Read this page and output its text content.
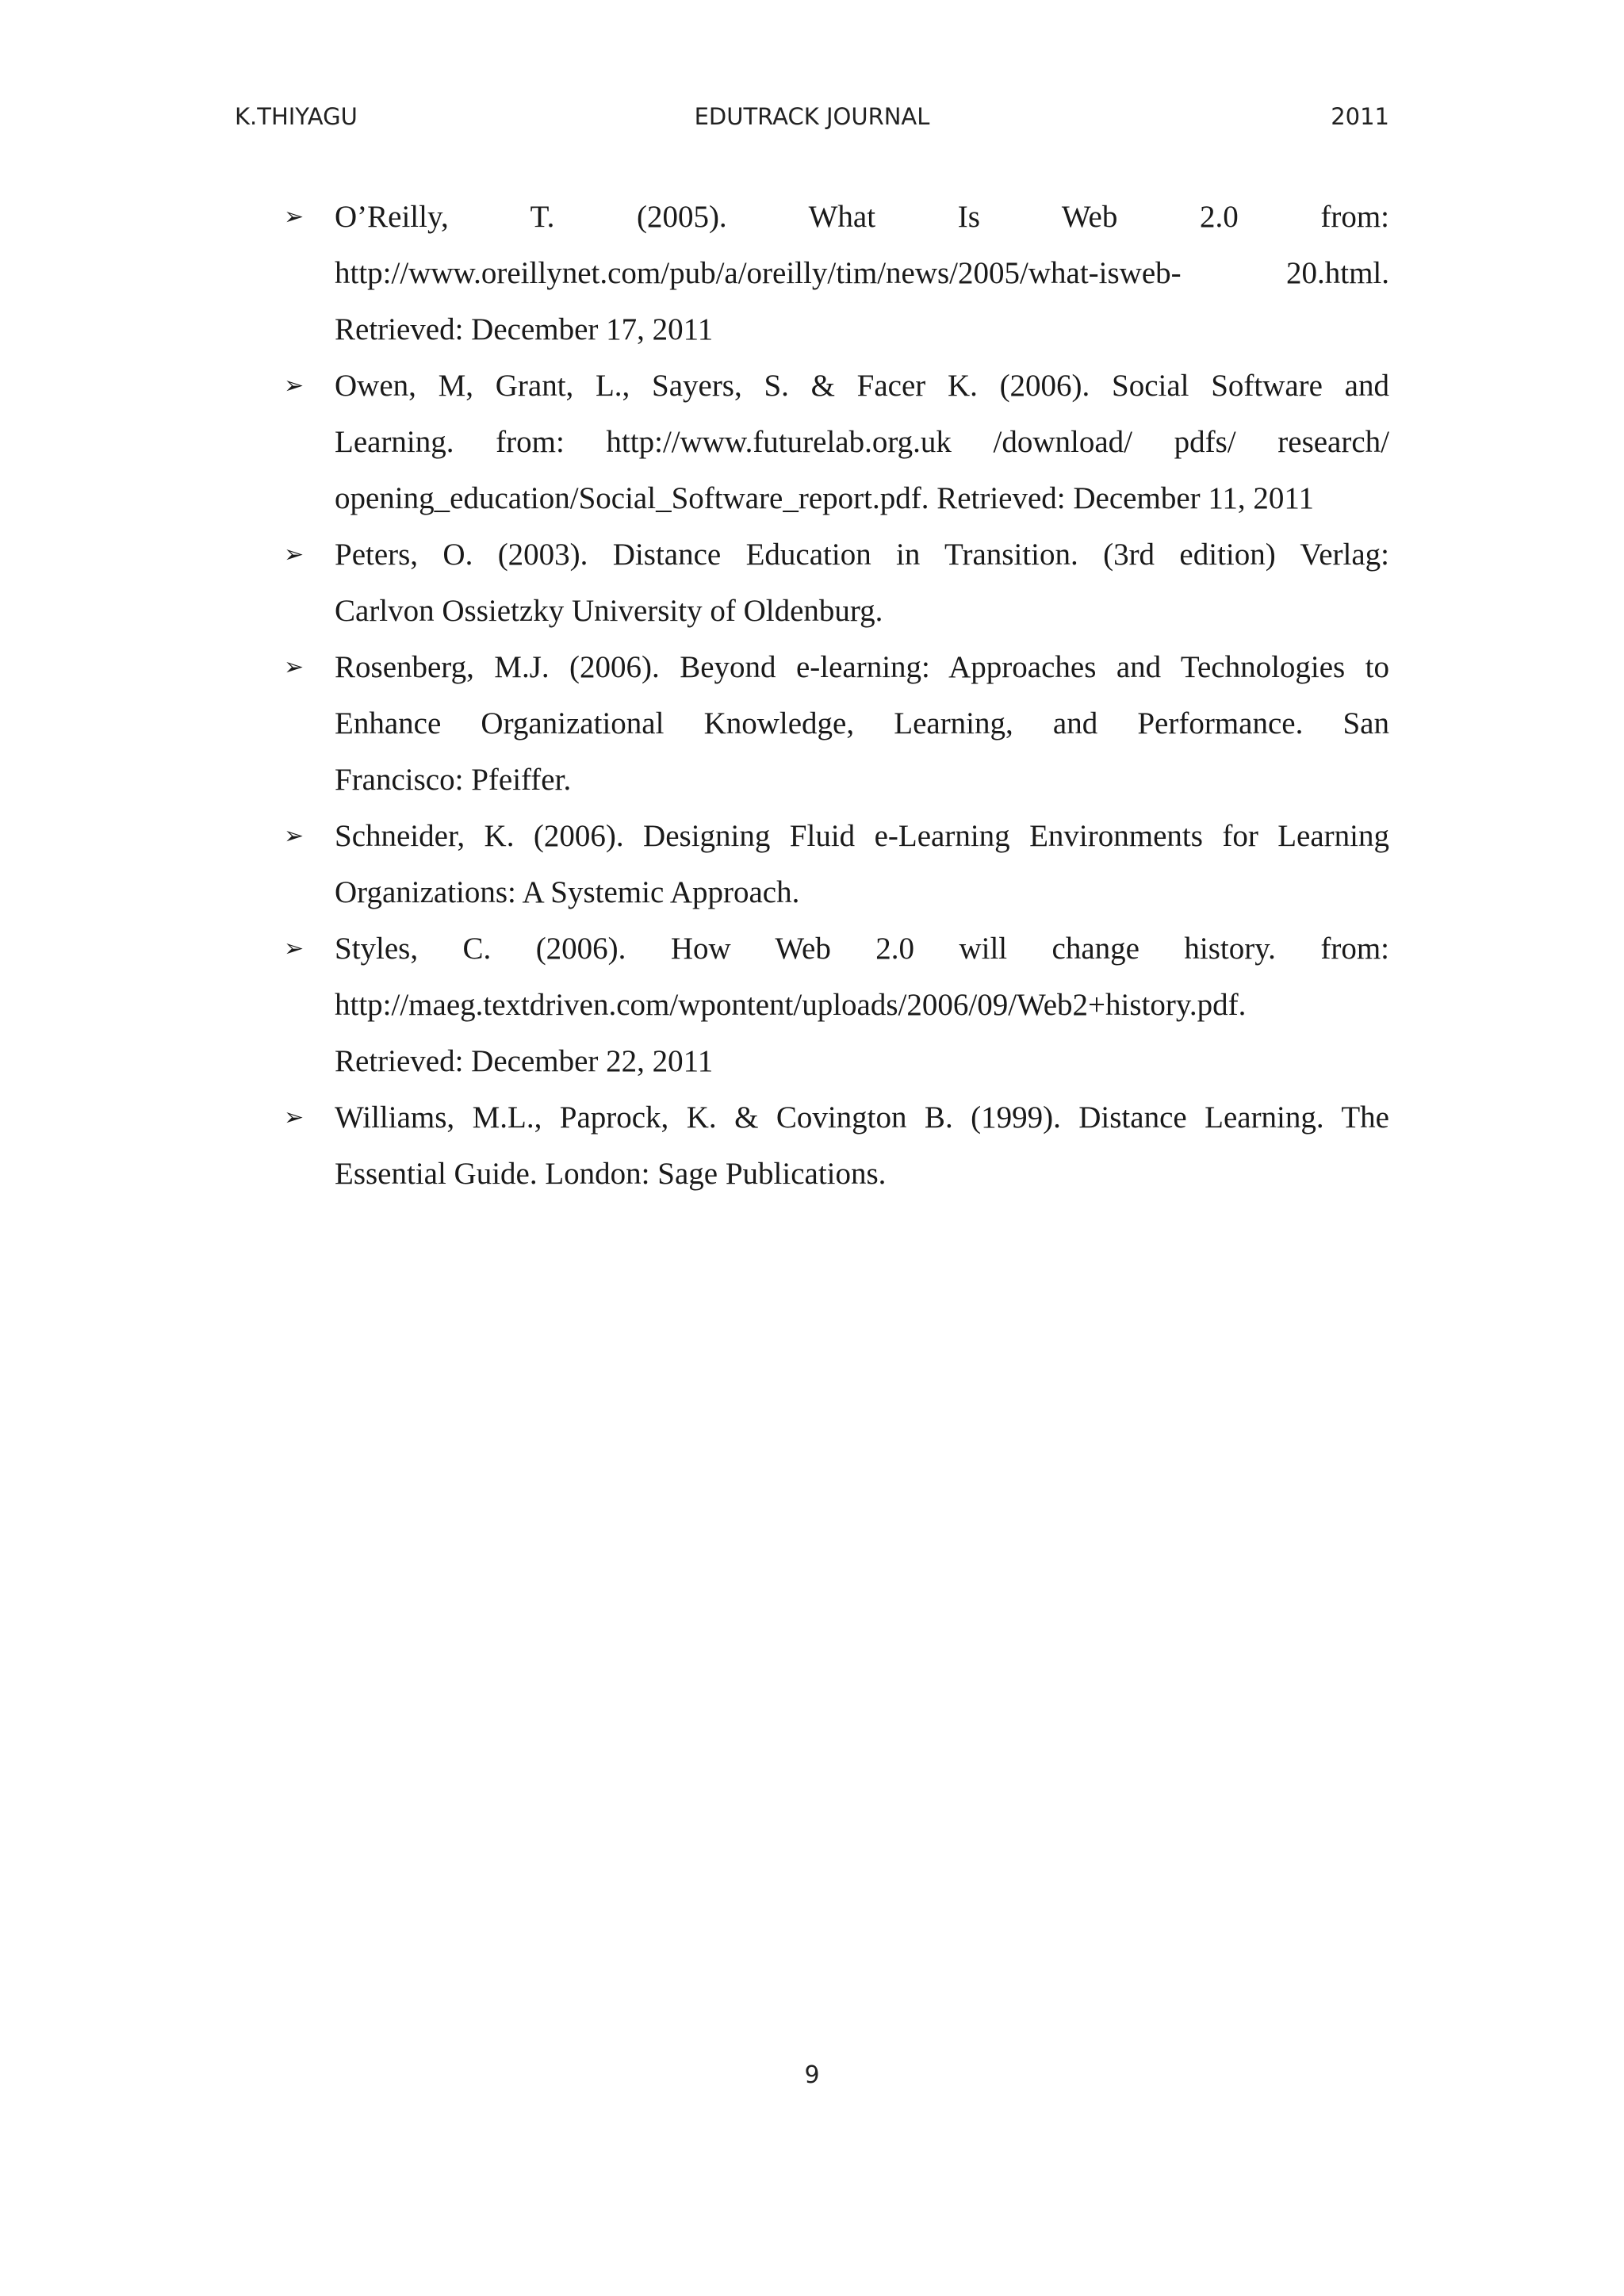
K.THIYAGU	EDUTRACK JOURNAL	2011
➢ O’Reilly, T. (2005). What Is Web 2.0 from:
http://www.oreillynet.com/pub/a/oreilly/tim/news/2005/what-isweb- 20.html.
Retrieved: December 17, 2011
➢ Owen, M, Grant, L., Sayers, S. & Facer K. (2006). Social Software and
Learning. from: http://www.futurelab.org.uk /download/ pdfs/ research/
opening_education/Social_Software_report.pdf. Retrieved: December 11, 2011
➢ Peters, O. (2003). Distance Education in Transition. (3rd edition) Verlag:
Carlvon Ossietzky University of Oldenburg.
➢ Rosenberg, M.J. (2006). Beyond e-learning: Approaches and Technologies to
Enhance Organizational Knowledge, Learning, and Performance. San
Francisco: Pfeiffer.
➢ Schneider, K. (2006). Designing Fluid e-Learning Environments for Learning
Organizations: A Systemic Approach.
➢ Styles, C. (2006). How Web 2.0 will change history. from:
http://maeg.textdriven.com/wpontent/uploads/2006/09/Web2+history.pdf.
Retrieved: December 22, 2011
➢ Williams, M.L., Paprock, K. & Covington B. (1999). Distance Learning. The
Essential Guide. London: Sage Publications.
9
